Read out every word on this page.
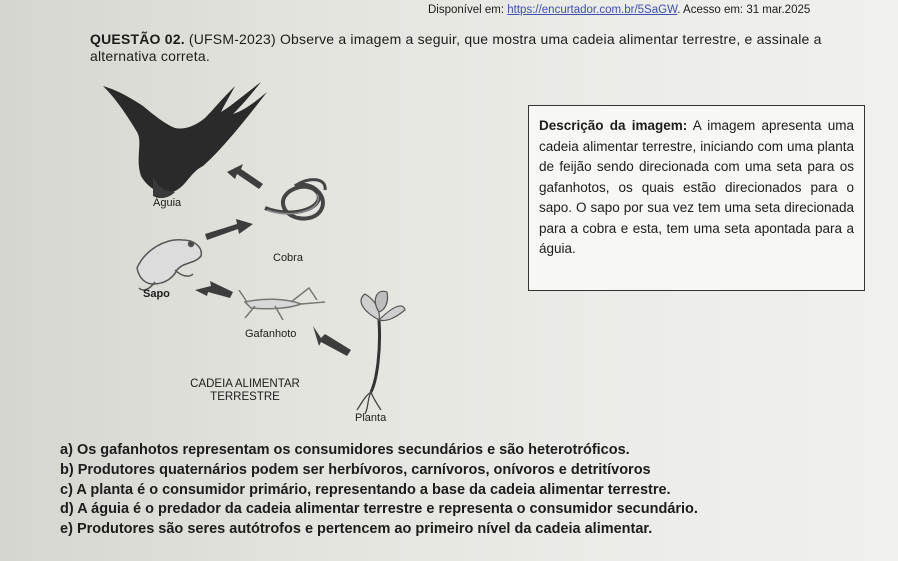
Disponível em: https://encurtador.com.br/5SaGW. Acesso em: 31 mar.2025
QUESTÃO 02. (UFSM-2023) Observe a imagem a seguir, que mostra uma cadeia alimentar terrestre, e assinale a alternativa correta.
Águia
Cobra
Sapo
Gafanhoto
Planta
CADEIA ALIMENTAR
TERRESTRE
Descrição da imagem: A imagem apresenta uma cadeia alimentar terrestre, iniciando com uma planta de feijão sendo direcionada com uma seta para os gafanhotos, os quais estão direcionados para o sapo. O sapo por sua vez tem uma seta direcionada para a cobra e esta, tem uma seta apontada para a águia.
a) Os gafanhotos representam os consumidores secundários e são heterotróficos.
b) Produtores quaternários podem ser herbívoros, carnívoros, onívoros e detritívoros
c) A planta é o consumidor primário, representando a base da cadeia alimentar terrestre.
d) A águia é o predador da cadeia alimentar terrestre e representa o consumidor secundário.
e) Produtores são seres autótrofos e pertencem ao primeiro nível da cadeia alimentar.
